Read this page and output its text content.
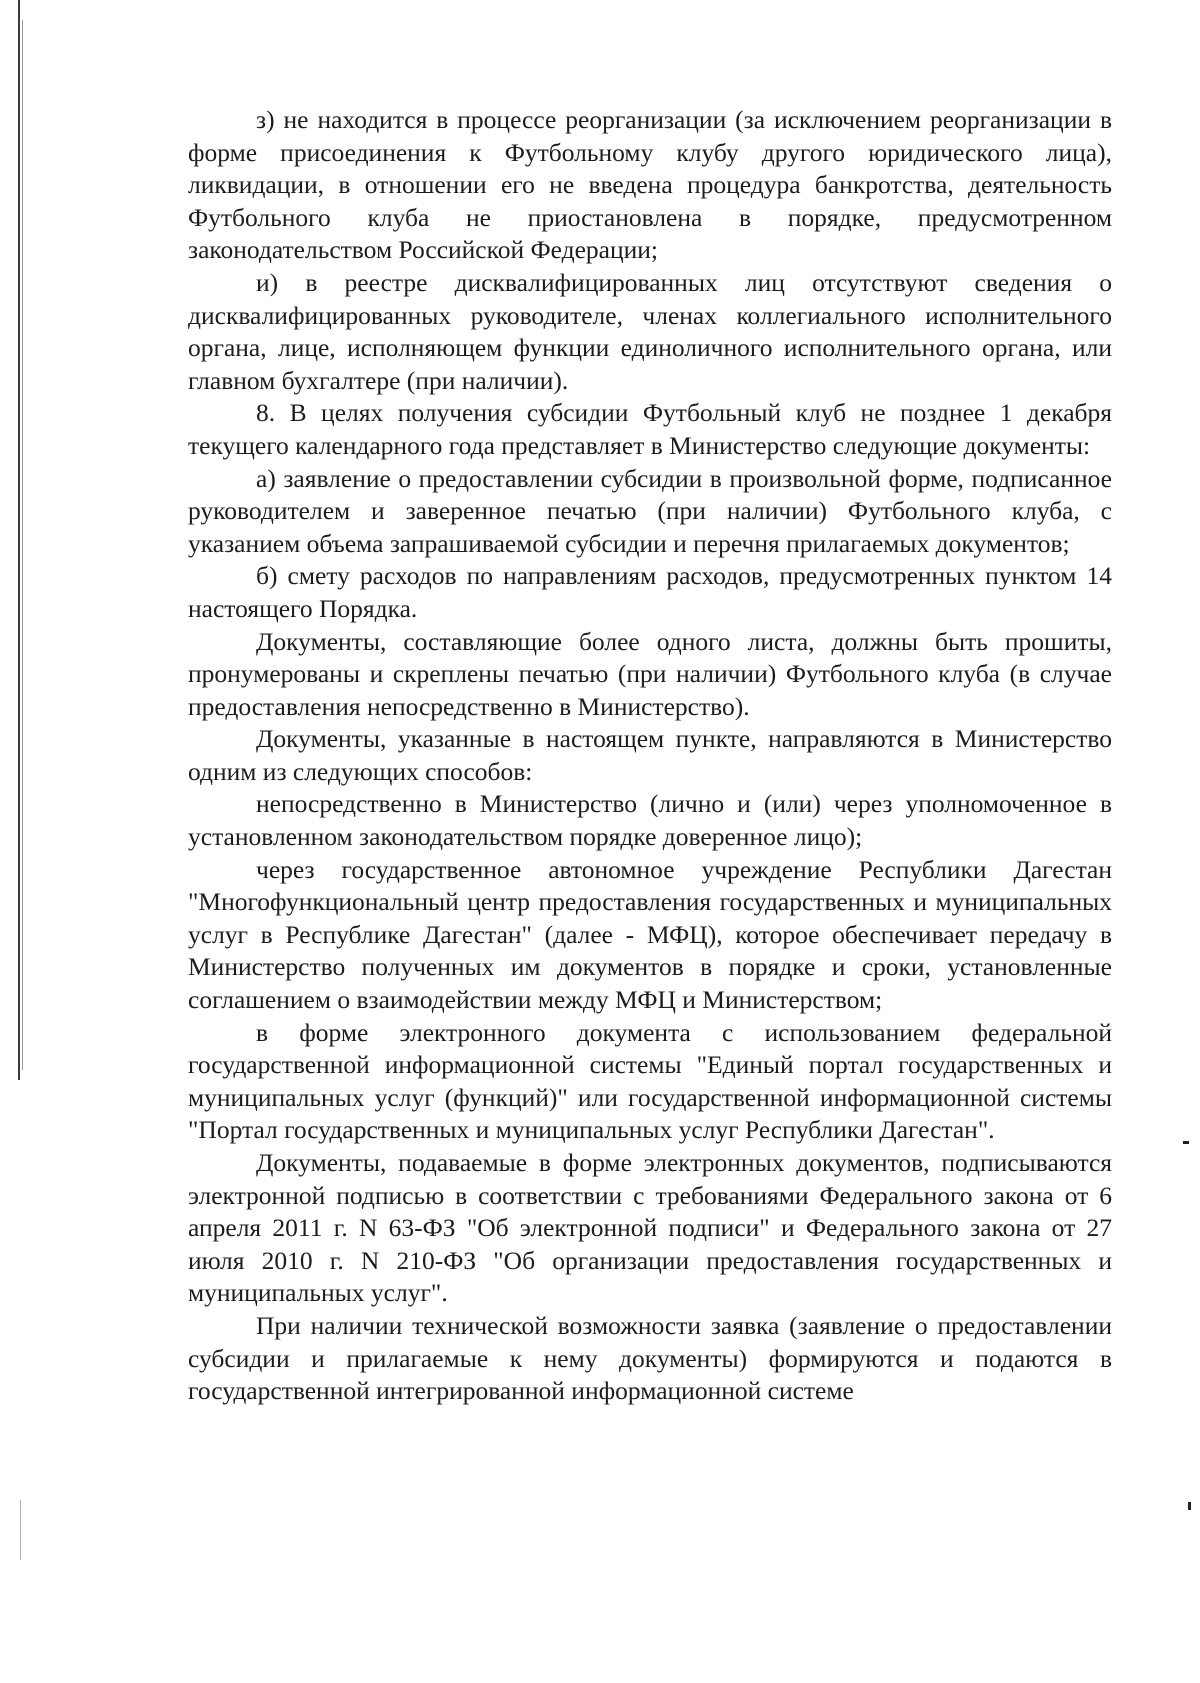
з) не находится в процессе реорганизации (за исключением реорганизации в форме присоединения к Футбольному клубу другого юридического лица), ликвидации, в отношении его не введена процедура банкротства, деятельность Футбольного клуба не приостановлена в порядке, предусмотренном законодательством Российской Федерации;

и) в реестре дисквалифицированных лиц отсутствуют сведения о дисквалифицированных руководителе, членах коллегиального исполнительного органа, лице, исполняющем функции единоличного исполнительного органа, или главном бухгалтере (при наличии).

8. В целях получения субсидии Футбольный клуб не позднее 1 декабря текущего календарного года представляет в Министерство следующие документы:

а) заявление о предоставлении субсидии в произвольной форме, подписанное руководителем и заверенное печатью (при наличии) Футбольного клуба, с указанием объема запрашиваемой субсидии и перечня прилагаемых документов;

б) смету расходов по направлениям расходов, предусмотренных пунктом 14 настоящего Порядка.

Документы, составляющие более одного листа, должны быть прошиты, пронумерованы и скреплены печатью (при наличии) Футбольного клуба (в случае предоставления непосредственно в Министерство).

Документы, указанные в настоящем пункте, направляются в Министерство одним из следующих способов:

непосредственно в Министерство (лично и (или) через уполномоченное в установленном законодательством порядке доверенное лицо);

через государственное автономное учреждение Республики Дагестан "Многофункциональный центр предоставления государственных и муниципальных услуг в Республике Дагестан" (далее - МФЦ), которое обеспечивает передачу в Министерство полученных им документов в порядке и сроки, установленные соглашением о взаимодействии между МФЦ и Министерством;

в форме электронного документа с использованием федеральной государственной информационной системы "Единый портал государственных и муниципальных услуг (функций)" или государственной информационной системы "Портал государственных и муниципальных услуг Республики Дагестан".

Документы, подаваемые в форме электронных документов, подписываются электронной подписью в соответствии с требованиями Федерального закона от 6 апреля 2011 г. N 63-ФЗ "Об электронной подписи" и Федерального закона от 27 июля 2010 г. N 210-ФЗ "Об организации предоставления государственных и муниципальных услуг".

При наличии технической возможности заявка (заявление о предоставлении субсидии и прилагаемые к нему документы) формируются и подаются в государственной интегрированной информационной системе
